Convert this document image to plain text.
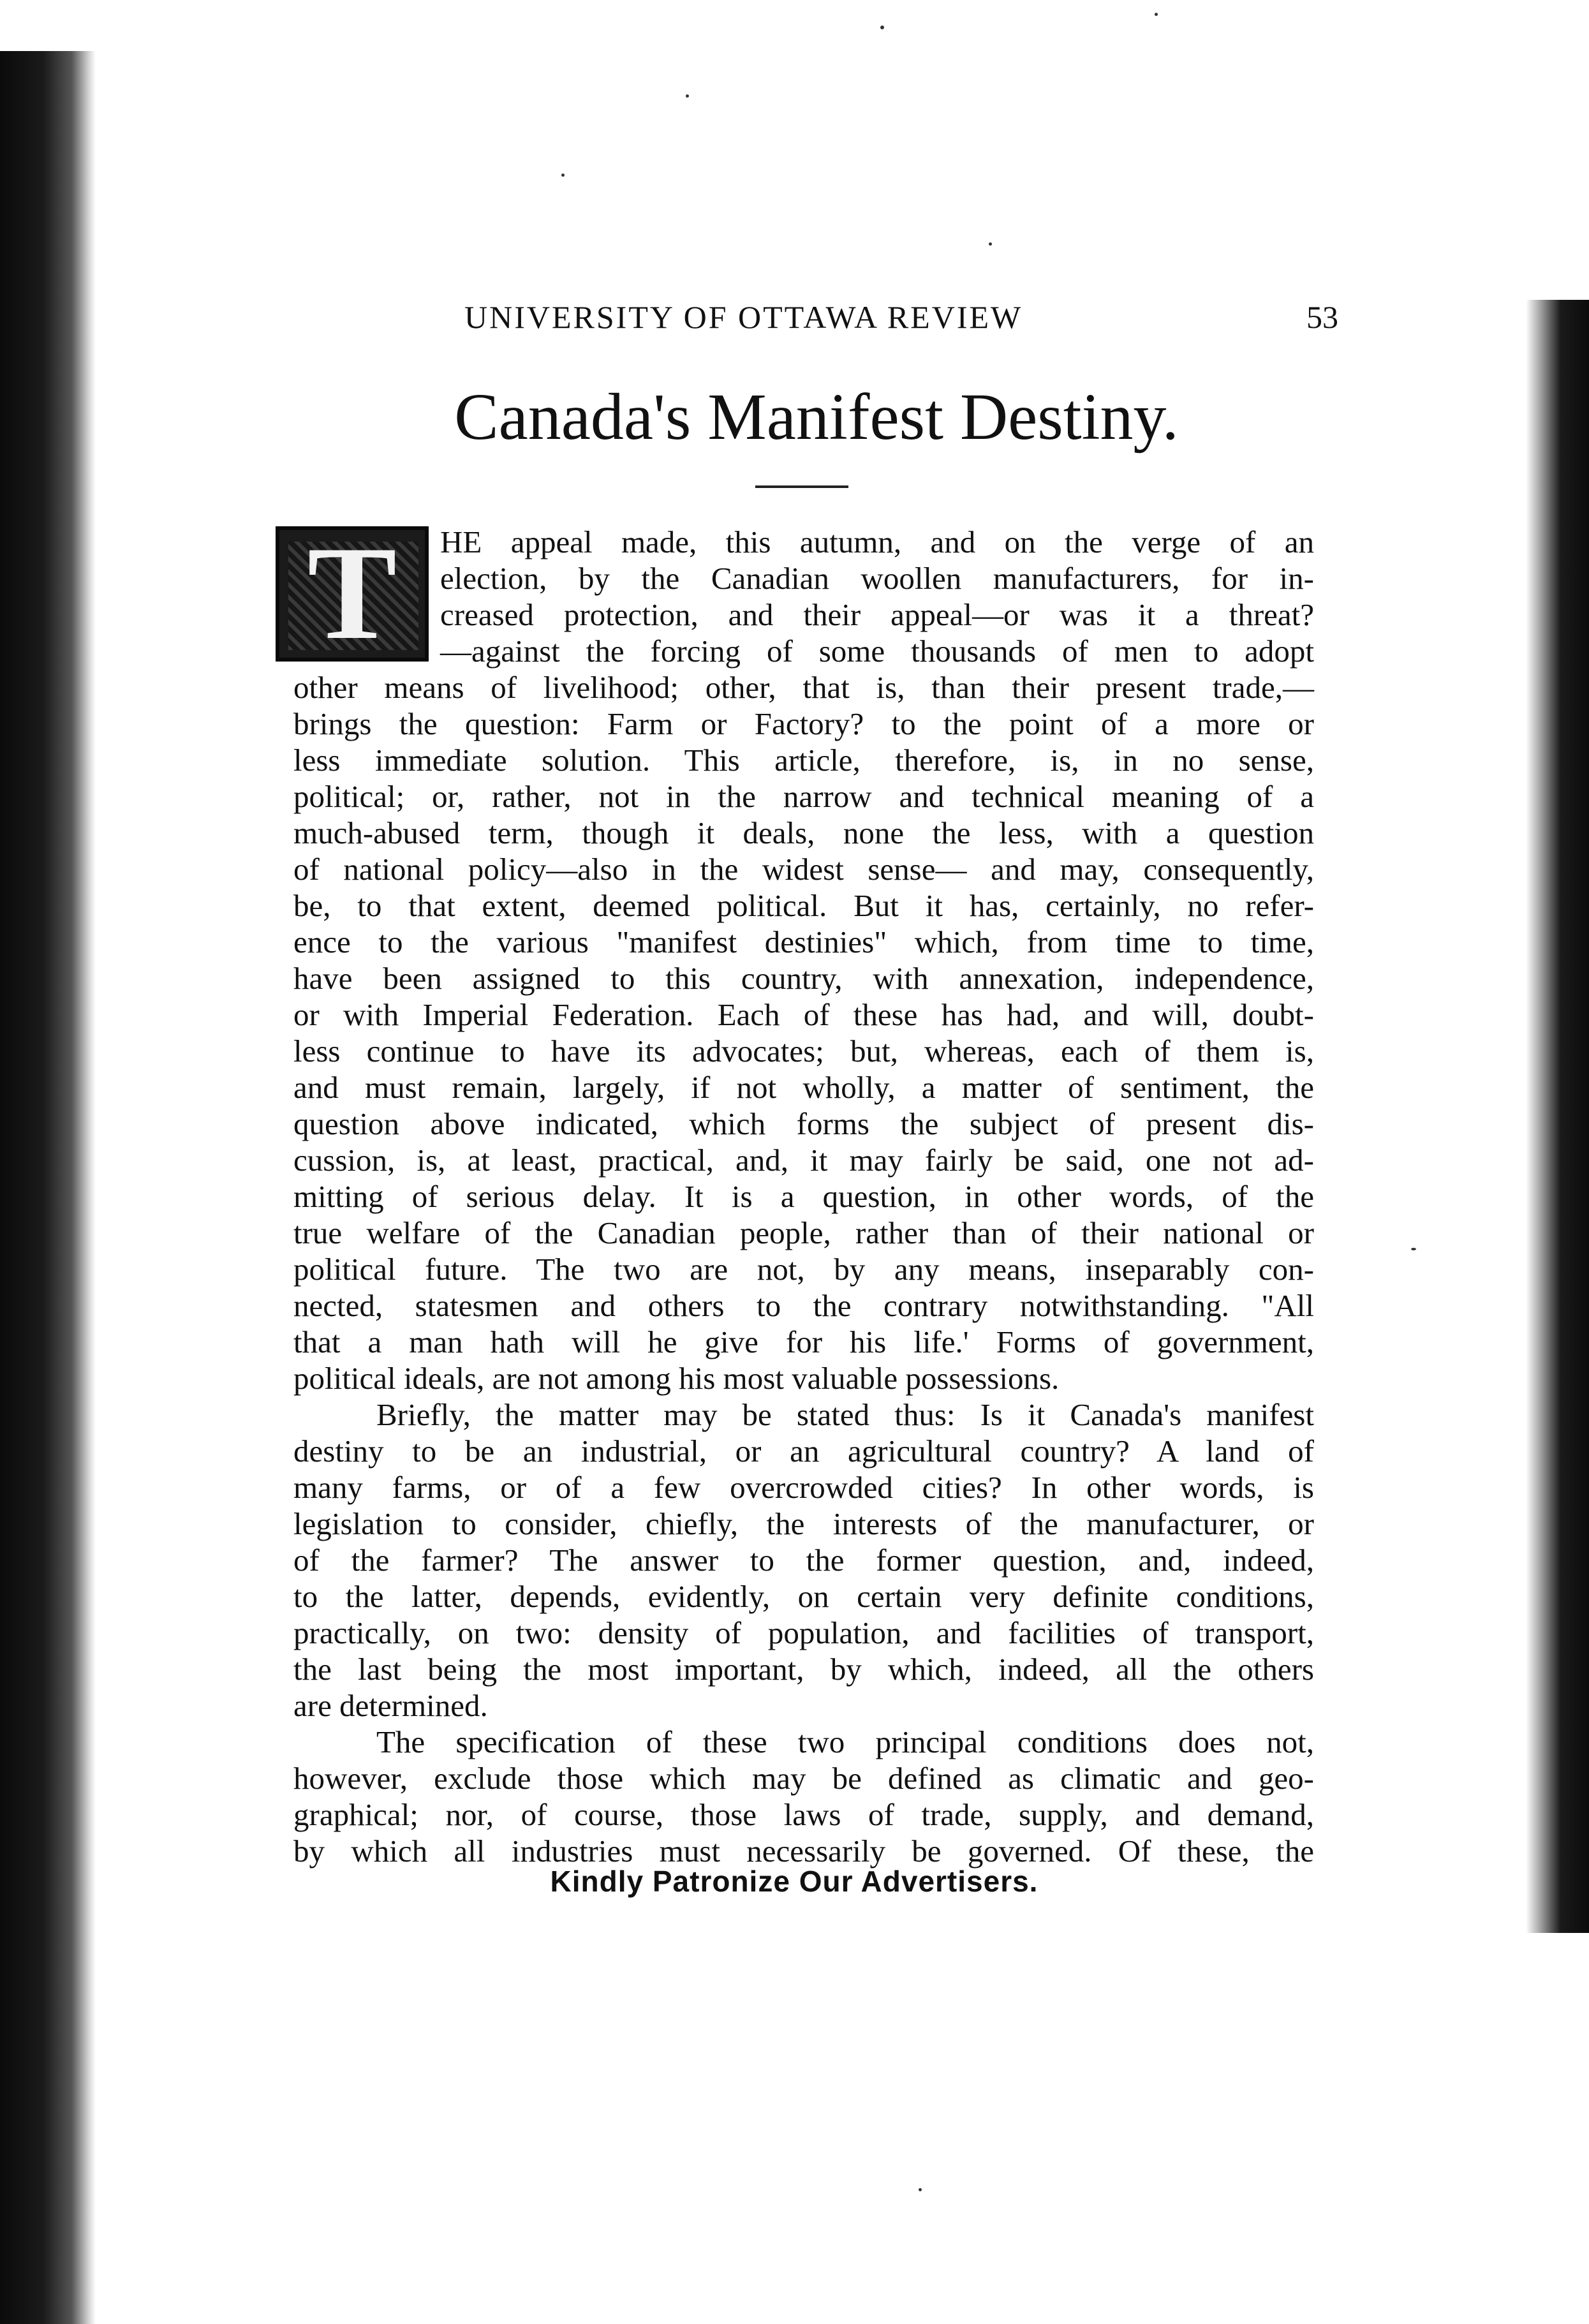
UNIVERSITY OF OTTAWA REVIEW	53
Canada's Manifest Destiny.
T	HE appeal made, this autumn, and on the verge of an
election, by the Canadian woollen manufacturers, for in-
creased protection, and their appeal—or was it a threat?
—against the forcing of some thousands of men to adopt
other means of livelihood; other, that is, than their present trade,—
brings the question: Farm or Factory? to the point of a more or
less immediate solution. This article, therefore, is, in no sense,
political; or, rather, not in the narrow and technical meaning of a
much-abused term, though it deals, none the less, with a question
of national policy—also in the widest sense— and may, consequently,
be, to that extent, deemed political. But it has, certainly, no refer-
ence to the various "manifest destinies" which, from time to time,
have been assigned to this country, with annexation, independence,
or with Imperial Federation. Each of these has had, and will, doubt-
less continue to have its advocates; but, whereas, each of them is,
and must remain, largely, if not wholly, a matter of sentiment, the
question above indicated, which forms the subject of present dis-
cussion, is, at least, practical, and, it may fairly be said, one not ad-
mitting of serious delay. It is a question, in other words, of the
true welfare of the Canadian people, rather than of their national or
political future. The two are not, by any means, inseparably con-
nected, statesmen and others to the contrary notwithstanding. "All
that a man hath will he give for his life.' Forms of government,
political ideals, are not among his most valuable possessions.
Briefly, the matter may be stated thus: Is it Canada's manifest
destiny to be an industrial, or an agricultural country? A land of
many farms, or of a few overcrowded cities? In other words, is
legislation to consider, chiefly, the interests of the manufacturer, or
of the farmer? The answer to the former question, and, indeed,
to the latter, depends, evidently, on certain very definite conditions,
practically, on two: density of population, and facilities of transport,
the last being the most important, by which, indeed, all the others
are determined.
The specification of these two principal conditions does not,
however, exclude those which may be defined as climatic and geo-
graphical; nor, of course, those laws of trade, supply, and demand,
by which all industries must necessarily be governed. Of these, the
Kindly Patronize Our Advertisers.
